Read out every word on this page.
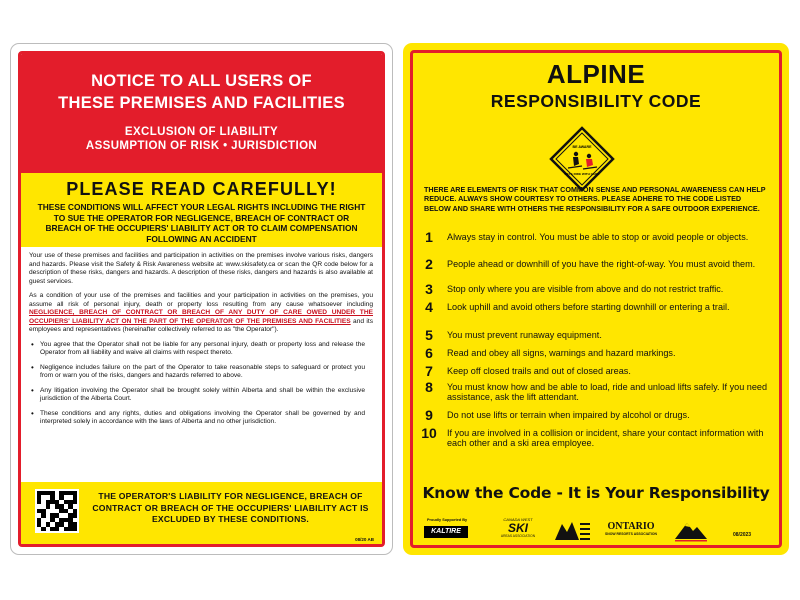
NOTICE TO ALL USERS OF
THESE PREMISES AND FACILITIES
EXCLUSION OF LIABILITY
ASSUMPTION OF RISK • JURISDICTION
PLEASE READ CAREFULLY!
THESE CONDITIONS WILL AFFECT YOUR LEGAL RIGHTS INCLUDING THE RIGHT TO SUE THE OPERATOR FOR NEGLIGENCE, BREACH OF CONTRACT OR BREACH OF THE OCCUPIERS' LIABILITY ACT OR TO CLAIM COMPENSATION FOLLOWING AN ACCIDENT

Your use of these premises and facilities and participation in activities on the premises involve various risks, dangers and hazards. Please visit the Safety & Risk Awareness website at: www.skisafety.ca or scan the QR code below for a description of these risks, dangers and hazards. A description of these risks, dangers and hazards is also available at guest services.

As a condition of your use of the premises and facilities and your participation in activities on the premises, you assume all risk of personal injury, death or property loss resulting from any cause whatsoever including NEGLIGENCE, BREACH OF CONTRACT OR BREACH OF ANY DUTY OF CARE OWED UNDER THE OCCUPIERS' LIABILITY ACT ON THE PART OF THE OPERATOR OF THE PREMISES AND FACILITIES and its employees and representatives (hereinafter collectively referred to as "the Operator").

• You agree that the Operator shall not be liable for any personal injury, death or property loss and release the Operator from all liability and waive all claims with respect thereto.
• Negligence includes failure on the part of the Operator to take reasonable steps to safeguard or protect you from or warn you of the risks, dangers and hazards referred to above.
• Any litigation involving the Operator shall be brought solely within Alberta and shall be within the exclusive jurisdiction of the Alberta Court.
• These conditions and any rights, duties and obligations involving the Operator shall be governed by and interpreted solely in accordance with the laws of Alberta and no other jurisdiction.
THE OPERATOR'S LIABILITY FOR NEGLIGENCE, BREACH OF CONTRACT OR BREACH OF THE OCCUPIERS' LIABILITY ACT IS EXCLUDED BY THESE CONDITIONS.
08/20 AB
ALPINE
RESPONSIBILITY CODE
BE AWARE
SKI & RIDE WITH CARE
THERE ARE ELEMENTS OF RISK THAT COMMON SENSE AND PERSONAL AWARENESS CAN HELP REDUCE. ALWAYS SHOW COURTESY TO OTHERS. PLEASE ADHERE TO THE CODE LISTED BELOW AND SHARE WITH OTHERS THE RESPONSIBILITY FOR A SAFE OUTDOOR EXPERIENCE.
1	Always stay in control. You must be able to stop or avoid people or objects.
2	People ahead or downhill of you have the right-of-way. You must avoid them.
3	Stop only where you are visible from above and do not restrict traffic.
4	Look uphill and avoid others before starting downhill or entering a trail.
5	You must prevent runaway equipment.
6	Read and obey all signs, warnings and hazard markings.
7	Keep off closed trails and out of closed areas.
8	You must know how and be able to load, ride and unload lifts safely. If you need assistance, ask the lift attendant.
9	Do not use lifts or terrain when impaired by alcohol or drugs.
10 If you are involved in a collision or incident, share your contact information with each other and a ski area employee.
Know the Code - It is Your Responsibility
Proudly Supported By
KALTIRE
CANADA WEST
SKI
AREAS ASSOCIATION
ONTARIO
SNOW RESORTS ASSOCIATION	08/2023
